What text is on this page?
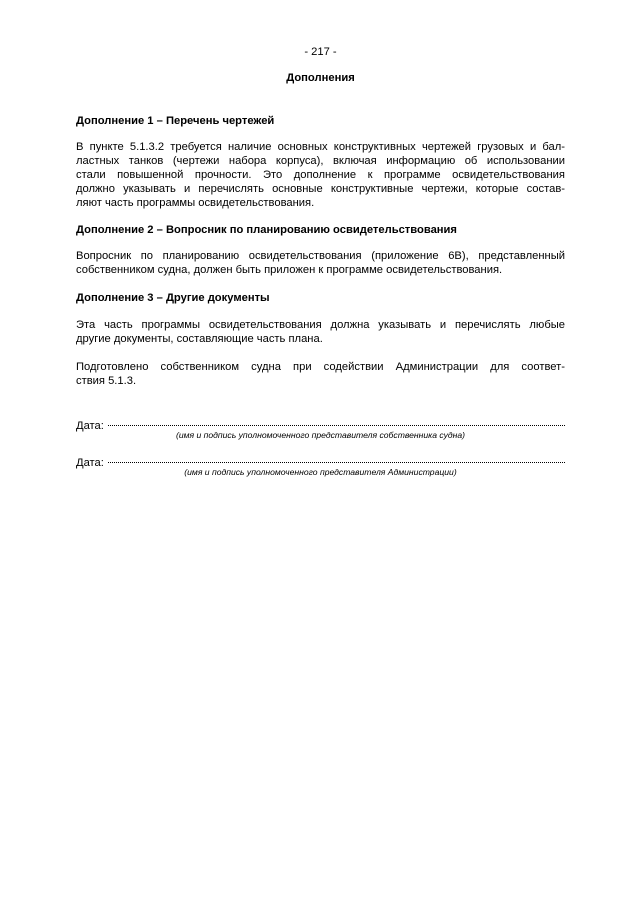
- 217 -
Дополнения
Дополнение 1 – Перечень чертежей
В пункте 5.1.3.2 требуется наличие основных конструктивных чертежей грузовых и бал-
ластных танков (чертежи набора корпуса), включая информацию об использовании
стали повышенной прочности. Это дополнение к программе освидетельствования
должно указывать и перечислять основные конструктивные чертежи, которые состав-
ляют часть программы освидетельствования.
Дополнение 2 – Вопросник по планированию освидетельствования
Вопросник по планированию освидетельствования (приложение 6В), представленный
собственником судна, должен быть приложен к программе освидетельствования.
Дополнение 3 – Другие документы
Эта часть программы освидетельствования должна указывать и перечислять любые
другие документы, составляющие часть плана.
Подготовлено собственником судна при содействии Администрации для соответ-
ствия 5.1.3.
Дата:
(имя и подпись уполномоченного представителя собственника судна)
Дата:
(имя и подпись уполномоченного представителя Администрации)
